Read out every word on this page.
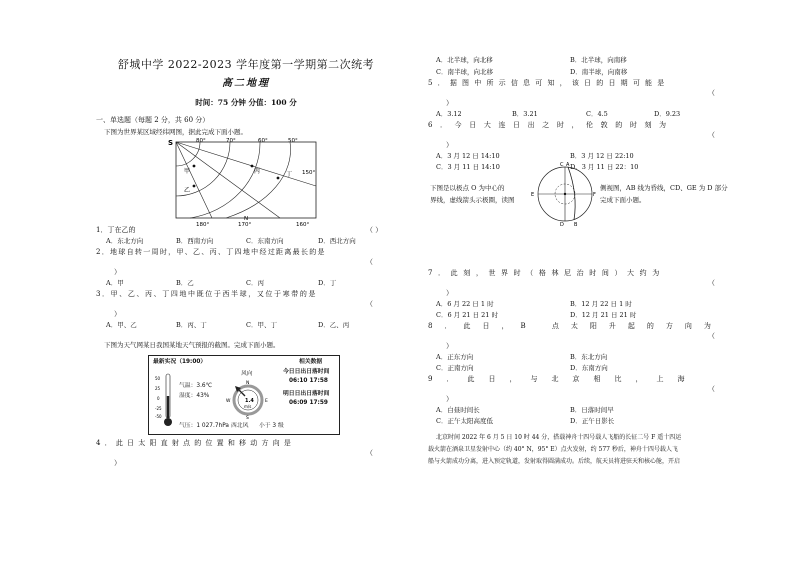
舒城中学 2022-2023 学年度第一学期第二次统考
高二地理
时间：75 分钟 分值：100 分
一、单选题（每题 2 分，共 60 分）
下图为世界某区域经纬网图，据此完成下面小题。
S	80°	70°	60°	50°
150°
180°	170°	160°
N
甲
乙
丙	丁
1．丁在乙的	（ ）
A．东北方向	B．西南方向	C．东南方向	D．西北方向
2．地球自转一周时，甲、乙、丙、丁四地中经过距离最长的是
（
）
A．甲	B．乙	C．丙	D．丁
3．甲、乙、丙、丁四地中既位于西半球，又位于寒带的是
（
）
A．甲、乙	B．丙、丁	C．甲、丁	D．乙、丙
下图为天气网某日我国某地天气预报的截图。完成下面小题。
最新实况（19:00）
50
25
0
-25
-50
气温：3.6℃
湿度：43%
气压：1 027.7hPa
风向
1.4
m/s
N
E
S
W
西北风 小于 3 级
相关数据
今日日出日落时间
06:10 17:58
明日日出日落时间
06:09 17:59
4．此日太阳直射点的位置和移动方向是
（
）
A．北半球，向北移	B．北半球，向南移
C．南半球，向北移	D．南半球，向南移
5．据图中所示信息可知，该日的日期可能是
（
）
A．3.12	B．3.21	C．4.5	D．9.23
6．今日大连日出之时，伦敦的时刻为
（
）
A．3 月 12 日 14:10	B．3 月 12 日 22:10
C．3 月 11 日 14:10	D．3 月 11 日 22：10
下图是以极点 O 为中心的
界线，虚线箭头示极圈，读图
侧视图，AB 线为昏线，CD、GE 为 D 部分
完成下面小题。
A
B
C
D
E	F
7．此刻，世界时（格林尼治时间）大约为
（
）
A．6 月 22 日 1 时	B．12 月 22 日 1 时
C．6 月 21 日 21 时	D．12 月 21 日 21 时
8．此日，B 点太阳升起的方向为
（
）
A．正东方向	B．东北方向
C．正南方向	D．东南方向
9．此日，与北京相比，上海
（
）
A．白昼时间长	B．日落时间早
C．正午太阳高度低	D．正午日影长
北京时间 2022 年 6 月 5 日 10 时 44 分，搭载神舟十四号载人飞船的长征二号 F 遥十四运
载火箭在酒泉卫星发射中心（约 40° N，95° E）点火发射，约 577 秒后，神舟十四号载人飞
船与火箭成功分离，进入预定轨道，发射取得圆满成功。后续，航天员将进驻天和核心舱，开启
